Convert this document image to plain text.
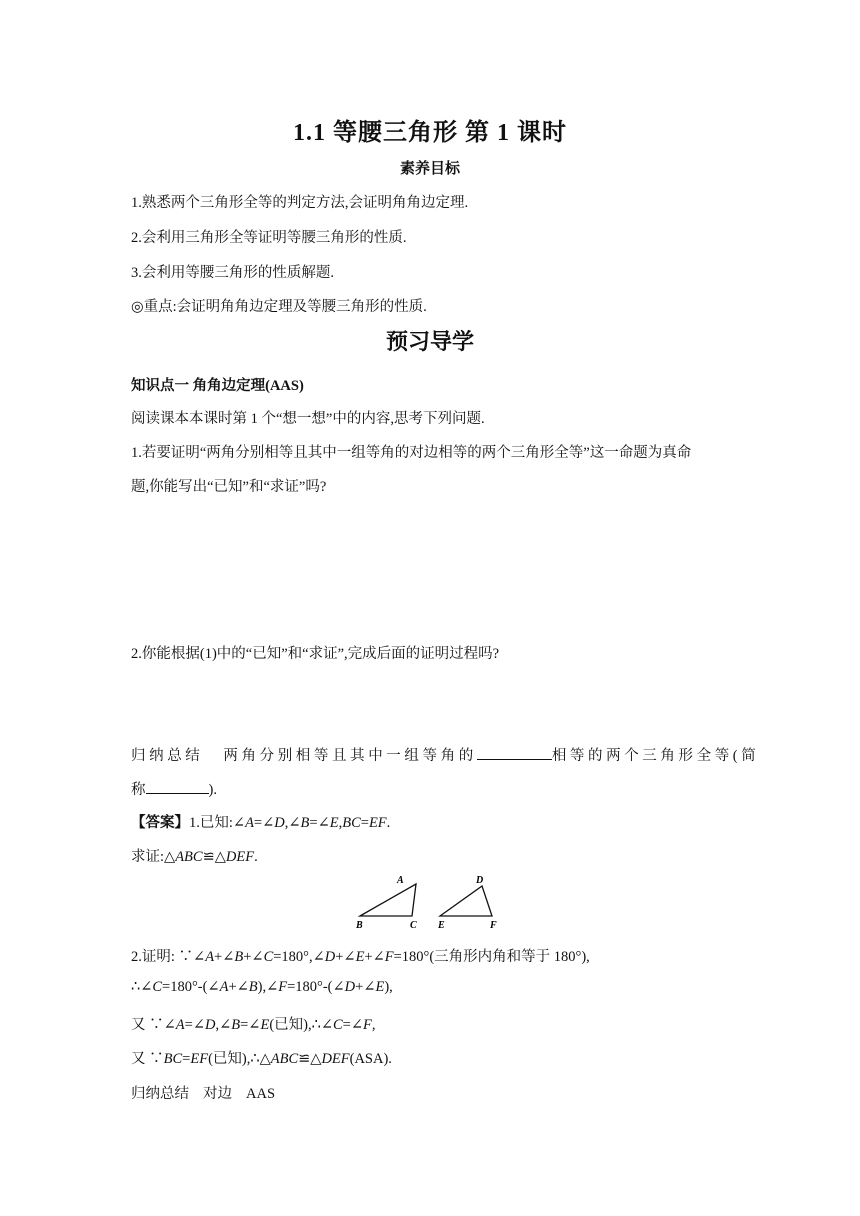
1.1 等腰三角形 第 1 课时
素养目标
1.熟悉两个三角形全等的判定方法,会证明角角边定理.
2.会利用三角形全等证明等腰三角形的性质.
3.会利用等腰三角形的性质解题.
◎重点:会证明角角边定理及等腰三角形的性质.
预习导学
知识点一 角角边定理(AAS)
阅读课本本课时第 1 个“想一想”中的内容,思考下列问题.
1.若要证明“两角分别相等且其中一组等角的对边相等的两个三角形全等”这一命题为真命
题,你能写出“已知”和“求证”吗?
2.你能根据(1)中的“已知”和“求证”,完成后面的证明过程吗?
归纳总结 两角分别相等且其中一组等角的	相等的两个三角形全等(简
称	).
【答案】1.已知:∠A=∠D,∠B=∠E,BC=EF.
求证:△ABC≌△DEF.
A
B	C
D
E	F
2.证明: ∵∠A+∠B+∠C=180°,∠D+∠E+∠F=180°(三角形内角和等于 180°),
∴∠C=180°-(∠A+∠B),∠F=180°-(∠D+∠E),
又 ∵∠A=∠D,∠B=∠E(已知),∴∠C=∠F,
又 ∵BC=EF(已知),∴△ABC≌△DEF(ASA).
归纳总结 对边 AAS
